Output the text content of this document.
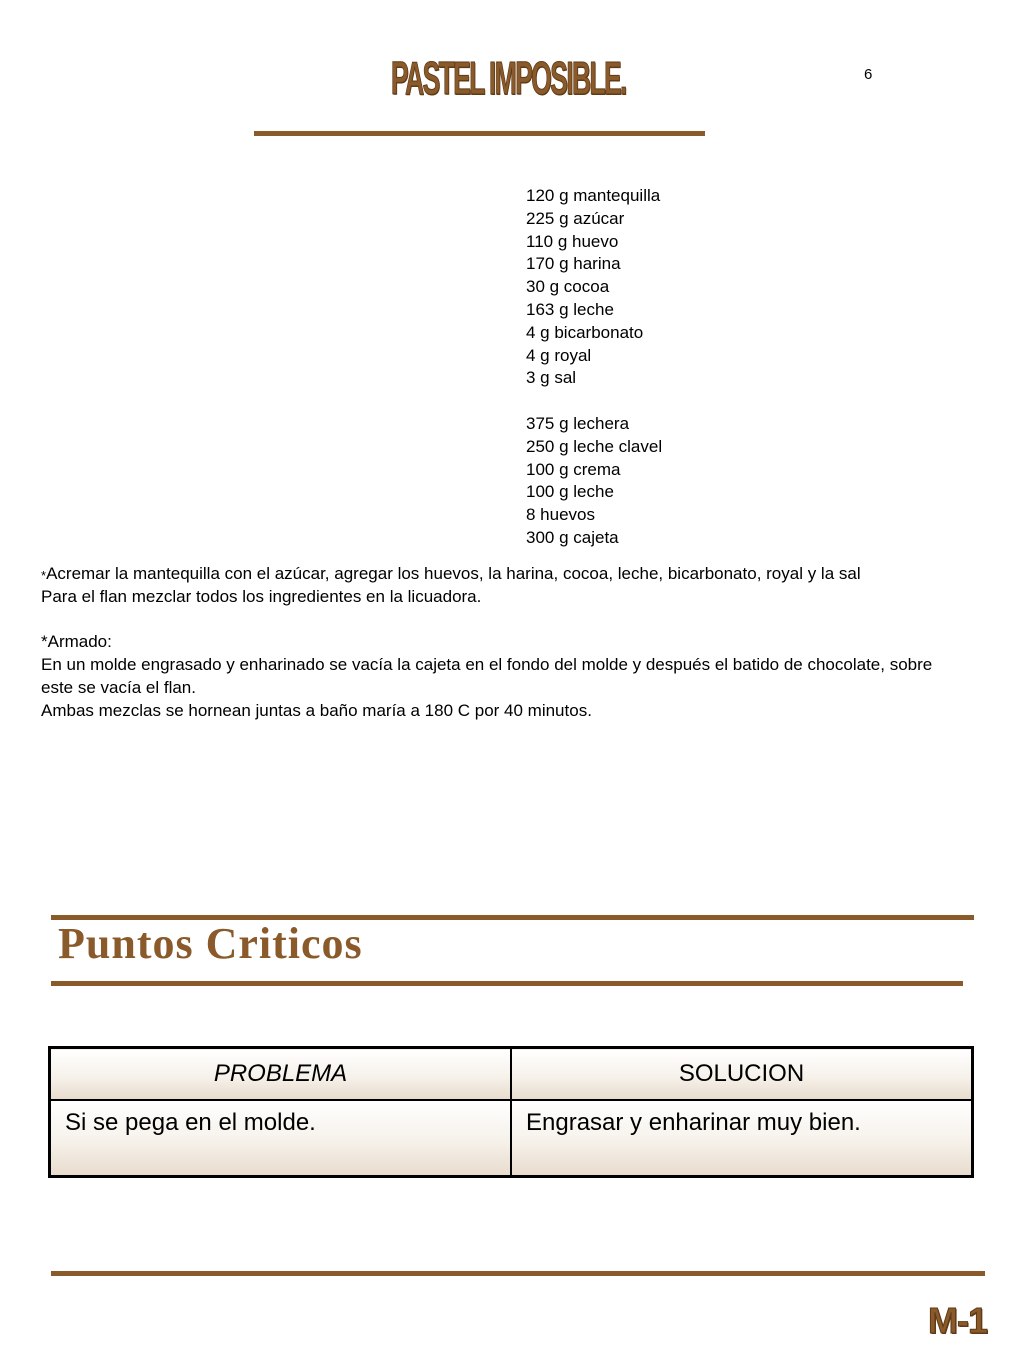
PASTEL IMPOSIBLE.	6
120 g mantequilla
225 g azúcar
110 g huevo
170 g harina
30 g cocoa
163 g leche
4 g bicarbonato
4 g royal
3 g sal
375 g lechera
250 g leche clavel
100 g crema
100 g leche
8 huevos
300 g cajeta
*Acremar la mantequilla con el azúcar, agregar los huevos, la harina, cocoa, leche, bicarbonato, royal y la sal
Para el flan mezclar todos los ingredientes en la licuadora.
*Armado:
En un molde engrasado y enharinado se vacía la cajeta en el fondo del molde y después el batido de chocolate, sobre este se vacía el flan.
Ambas mezclas se hornean juntas a baño maría a 180 C por 40 minutos.
Puntos Criticos
PROBLEMA	SOLUCION
Si se pega en el molde.	Engrasar y enharinar muy bien.
M-1
